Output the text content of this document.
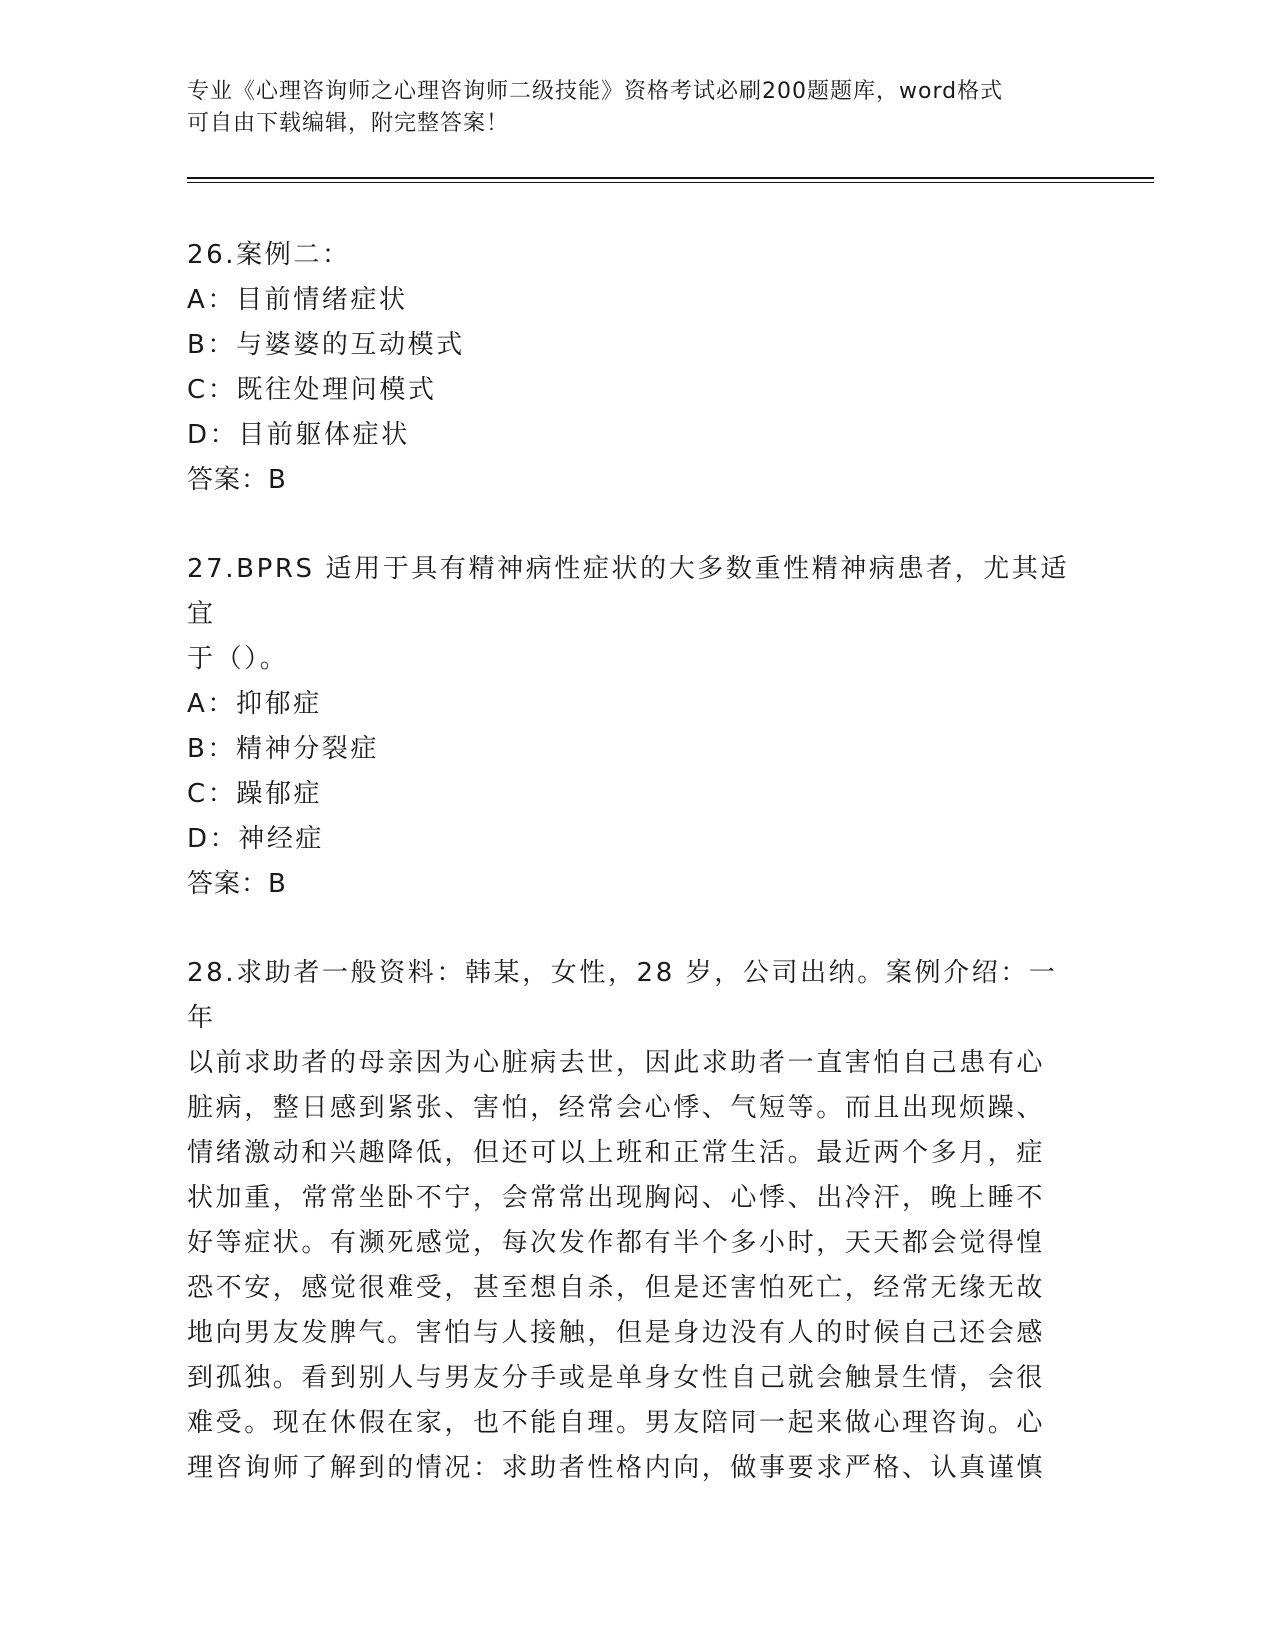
专业《心理咨询师之心理咨询师二级技能》资格考试必刷200题题库，word格式
可自由下载编辑，附完整答案！

26.案例二：

A：目前情绪症状

B：与婆婆的互动模式

C：既往处理问模式

D：目前躯体症状

答案：B

27.BPRS 适用于具有精神病性症状的大多数重性精神病患者，尤其适宜

于（）。

A：抑郁症

B：精神分裂症

C：躁郁症

D：神经症

答案：B

28.求助者一般资料：韩某，女性，28 岁，公司出纳。案例介绍：一年

以前求助者的母亲因为心脏病去世，因此求助者一直害怕自己患有心

脏病，整日感到紧张、害怕，经常会心悸、气短等。而且出现烦躁、

情绪激动和兴趣降低，但还可以上班和正常生活。最近两个多月，症

状加重，常常坐卧不宁，会常常出现胸闷、心悸、出冷汗，晚上睡不

好等症状。有濒死感觉，每次发作都有半个多小时，天天都会觉得惶

恐不安，感觉很难受，甚至想自杀，但是还害怕死亡，经常无缘无故

地向男友发脾气。害怕与人接触，但是身边没有人的时候自己还会感

到孤独。看到别人与男友分手或是单身女性自己就会触景生情，会很

难受。现在休假在家，也不能自理。男友陪同一起来做心理咨询。心

理咨询师了解到的情况：求助者性格内向，做事要求严格、认真谨慎
